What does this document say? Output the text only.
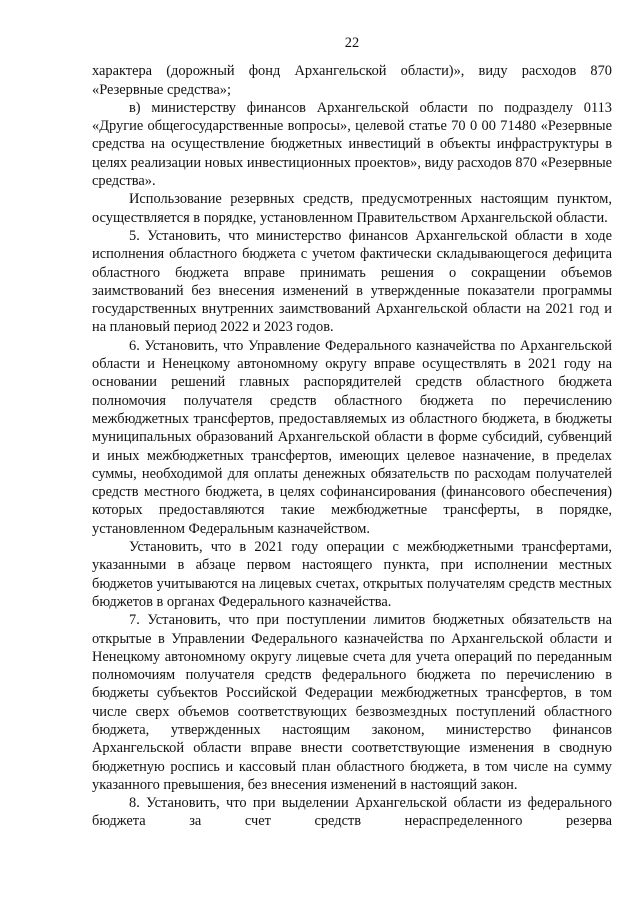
22

характера (дорожный фонд Архангельской области)», виду расходов 870 «Резервные средства»;

в) министерству финансов Архангельской области по подразделу 0113 «Другие общегосударственные вопросы», целевой статье 70 0 00 71480 «Резервные средства на осуществление бюджетных инвестиций в объекты инфраструктуры в целях реализации новых инвестиционных проектов», виду расходов 870 «Резервные средства».

Использование резервных средств, предусмотренных настоящим пунктом, осуществляется в порядке, установленном Правительством Архангельской области.

5. Установить, что министерство финансов Архангельской области в ходе исполнения областного бюджета с учетом фактически складывающегося дефицита областного бюджета вправе принимать решения о сокращении объемов заимствований без внесения изменений в утвержденные показатели программы государственных внутренних заимствований Архангельской области на 2021 год и на плановый период 2022 и 2023 годов.

6. Установить, что Управление Федерального казначейства по Архангельской области и Ненецкому автономному округу вправе осуществлять в 2021 году на основании решений главных распорядителей средств областного бюджета полномочия получателя средств областного бюджета по перечислению межбюджетных трансфертов, предоставляемых из областного бюджета, в бюджеты муниципальных образований Архангельской области в форме субсидий, субвенций и иных межбюджетных трансфертов, имеющих целевое назначение, в пределах суммы, необходимой для оплаты денежных обязательств по расходам получателей средств местного бюджета, в целях софинансирования (финансового обеспечения) которых предоставляются такие межбюджетные трансферты, в порядке, установленном Федеральным казначейством.

Установить, что в 2021 году операции с межбюджетными трансфертами, указанными в абзаце первом настоящего пункта, при исполнении местных бюджетов учитываются на лицевых счетах, открытых получателям средств местных бюджетов в органах Федерального казначейства.

7. Установить, что при поступлении лимитов бюджетных обязательств на открытые в Управлении Федерального казначейства по Архангельской области и Ненецкому автономному округу лицевые счета для учета операций по переданным полномочиям получателя средств федерального бюджета по перечислению в бюджеты субъектов Российской Федерации межбюджетных трансфертов, в том числе сверх объемов соответствующих безвозмездных поступлений областного бюджета, утвержденных настоящим законом, министерство финансов Архангельской области вправе внести соответствующие изменения в сводную бюджетную роспись и кассовый план областного бюджета, в том числе на сумму указанного превышения, без внесения изменений в настоящий закон.

8. Установить, что при выделении Архангельской области из федерального бюджета за счет средств нераспределенного резерва
